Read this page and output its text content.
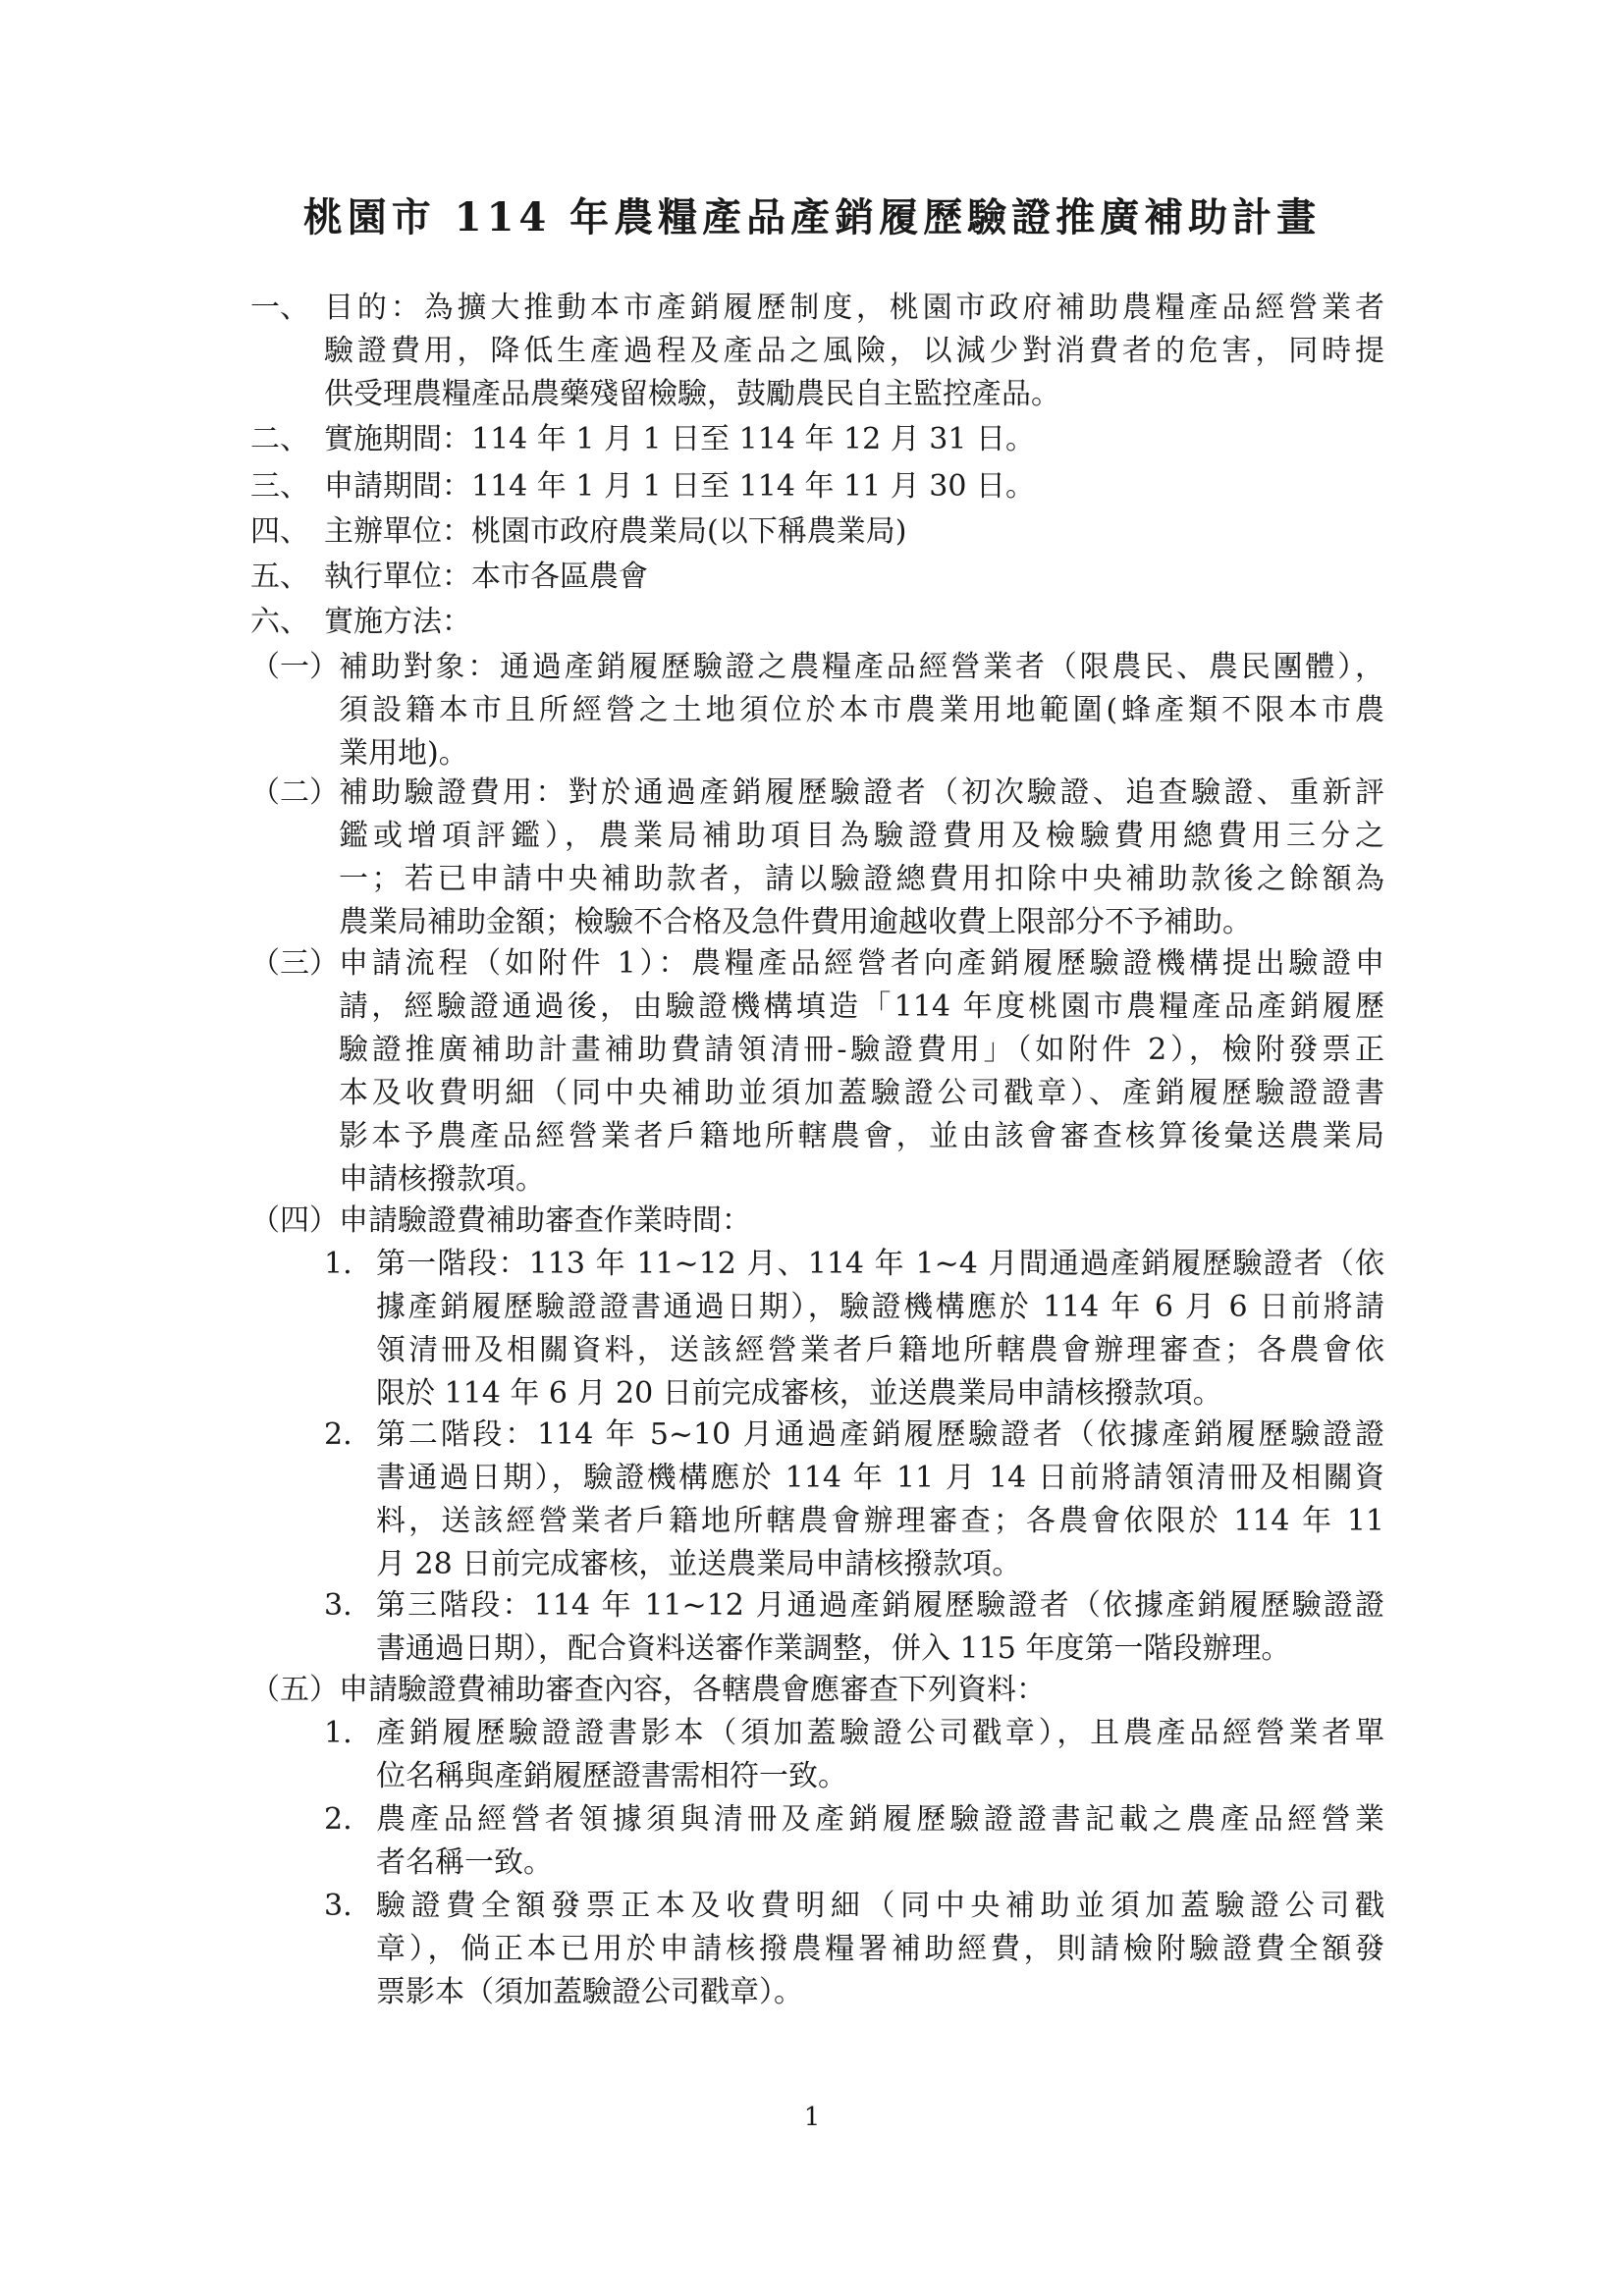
桃園市 114 年農糧產品產銷履歷驗證推廣補助計畫
一、 目的：為擴大推動本市產銷履歷制度，桃園市政府補助農糧產品經營業者

驗證費用，降低生產過程及產品之風險，以減少對消費者的危害，同時提

供受理農糧產品農藥殘留檢驗，鼓勵農民自主監控產品。

二、 實施期間：114 年 1 月 1 日至 114 年 12 月 31 日。

三、 申請期間：114 年 1 月 1 日至 114 年 11 月 30 日。

四、 主辦單位：桃園市政府農業局(以下稱農業局)

五、 執行單位：本市各區農會

六、 實施方法：

（一） 補助對象：通過產銷履歷驗證之農糧產品經營業者（限農民、農民團體），

須設籍本市且所經營之土地須位於本市農業用地範圍(蜂產類不限本市農

業用地)。

（二） 補助驗證費用：對於通過產銷履歷驗證者（初次驗證、追查驗證、重新評

鑑或增項評鑑），農業局補助項目為驗證費用及檢驗費用總費用三分之

一；若已申請中央補助款者，請以驗證總費用扣除中央補助款後之餘額為

農業局補助金額；檢驗不合格及急件費用逾越收費上限部分不予補助。

（三） 申請流程（如附件 1）：農糧產品經營者向產銷履歷驗證機構提出驗證申

請，經驗證通過後，由驗證機構填造「114 年度桃園市農糧產品產銷履歷

驗證推廣補助計畫補助費請領清冊-驗證費用」（如附件 2），檢附發票正

本及收費明細（同中央補助並須加蓋驗證公司戳章）、產銷履歷驗證證書

影本予農產品經營業者戶籍地所轄農會，並由該會審查核算後彙送農業局

申請核撥款項。

（四） 申請驗證費補助審查作業時間：

1. 第一階段：113 年 11~12 月、114 年 1~4 月間通過產銷履歷驗證者（依

據產銷履歷驗證證書通過日期），驗證機構應於 114 年 6 月 6 日前將請

領清冊及相關資料，送該經營業者戶籍地所轄農會辦理審查；各農會依

限於 114 年 6 月 20 日前完成審核，並送農業局申請核撥款項。

2. 第二階段：114 年 5~10 月通過產銷履歷驗證者（依據產銷履歷驗證證

書通過日期），驗證機構應於 114 年 11 月 14 日前將請領清冊及相關資

料，送該經營業者戶籍地所轄農會辦理審查；各農會依限於 114 年 11

月 28 日前完成審核，並送農業局申請核撥款項。

3. 第三階段：114 年 11~12 月通過產銷履歷驗證者（依據產銷履歷驗證證

書通過日期），配合資料送審作業調整，併入 115 年度第一階段辦理。

（五） 申請驗證費補助審查內容，各轄農會應審查下列資料：

1. 產銷履歷驗證證書影本（須加蓋驗證公司戳章），且農產品經營業者單

位名稱與產銷履歷證書需相符一致。

2. 農產品經營者領據須與清冊及產銷履歷驗證證書記載之農產品經營業

者名稱一致。

3. 驗證費全額發票正本及收費明細（同中央補助並須加蓋驗證公司戳

章），倘正本已用於申請核撥農糧署補助經費，則請檢附驗證費全額發

票影本（須加蓋驗證公司戳章）。

1
